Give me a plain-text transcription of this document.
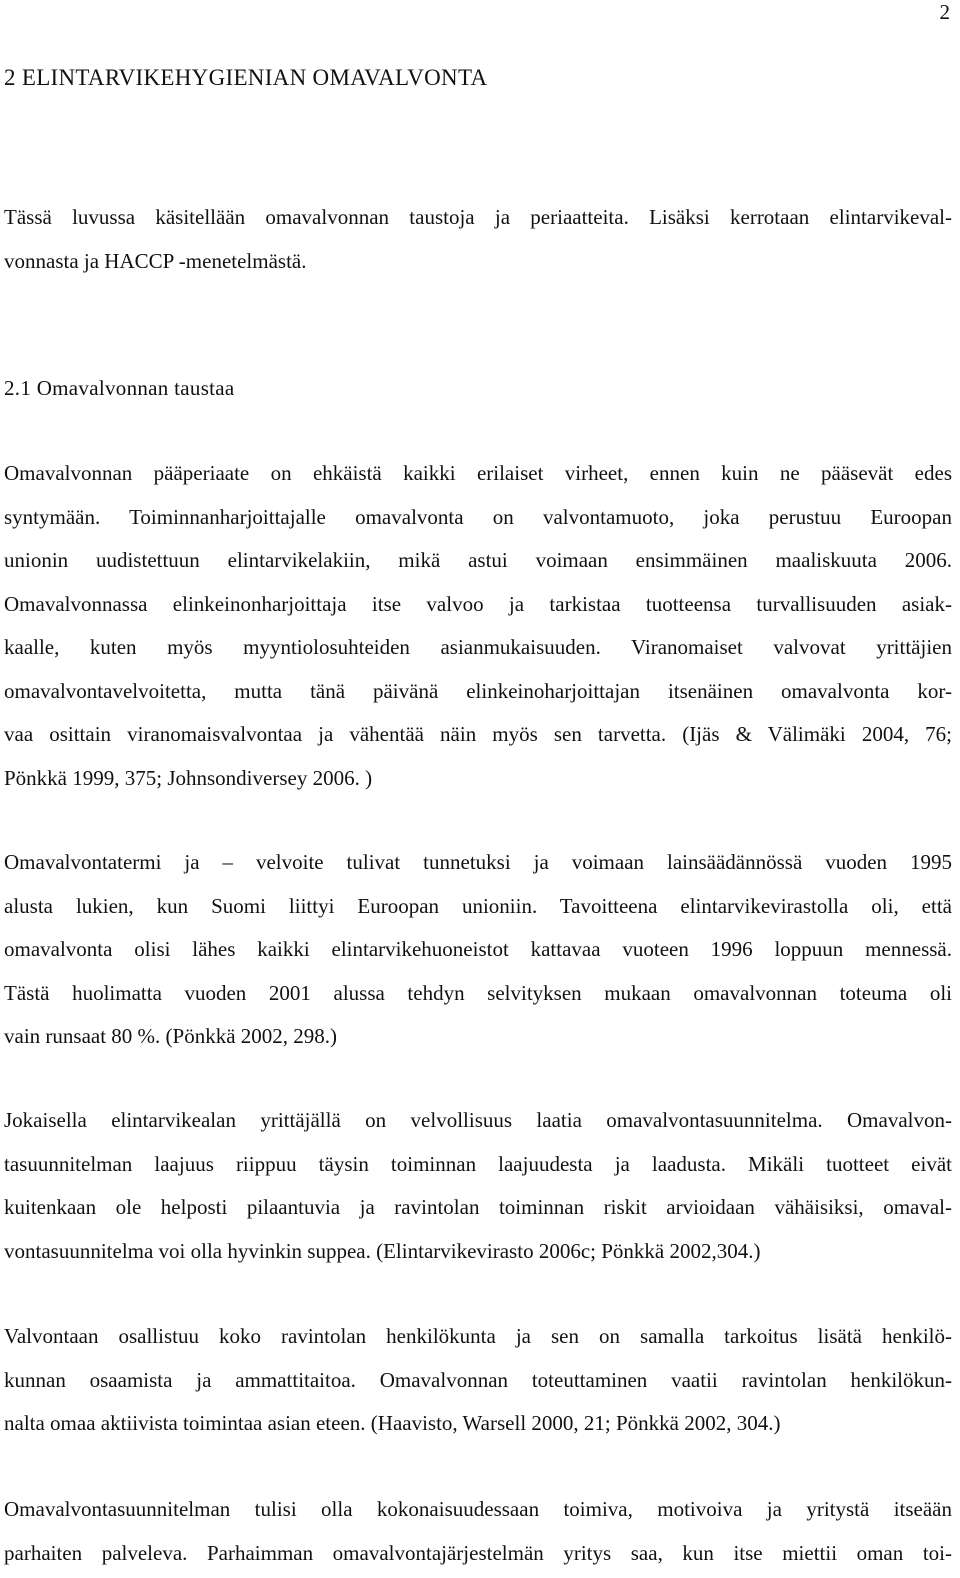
2
2 ELINTARVIKEHYGIENIAN OMAVALVONTA

Tässä luvussa käsitellään omavalvonnan taustoja ja periaatteita. Lisäksi kerrotaan elintarvikeval-
vonnasta ja HACCP -menetelmästä.

2.1 Omavalvonnan taustaa

Omavalvonnan pääperiaate on ehkäistä kaikki erilaiset virheet, ennen kuin ne pääsevät edes
syntymään. Toiminnanharjoittajalle omavalvonta on valvontamuoto, joka perustuu Euroopan
unionin uudistettuun elintarvikelakiin, mikä astui voimaan ensimmäinen maaliskuuta 2006.
Omavalvonnassa elinkeinonharjoittaja itse valvoo ja tarkistaa tuotteensa turvallisuuden asiak-
kaalle, kuten myös myyntiolosuhteiden asianmukaisuuden. Viranomaiset valvovat yrittäjien
omavalvontavelvoitetta, mutta tänä päivänä elinkeinoharjoittajan itsenäinen omavalvonta kor-
vaa osittain viranomaisvalvontaa ja vähentää näin myös sen tarvetta. (Ijäs & Välimäki 2004, 76;
Pönkkä 1999, 375; Johnsondiversey 2006. )

Omavalvontatermi ja – velvoite tulivat tunnetuksi ja voimaan lainsäädännössä vuoden 1995
alusta lukien, kun Suomi liittyi Euroopan unioniin. Tavoitteena elintarvikevirastolla oli, että
omavalvonta olisi lähes kaikki elintarvikehuoneistot kattavaa vuoteen 1996 loppuun mennessä.
Tästä huolimatta vuoden 2001 alussa tehdyn selvityksen mukaan omavalvonnan toteuma oli
vain runsaat 80 %. (Pönkkä 2002, 298.)

Jokaisella elintarvikealan yrittäjällä on velvollisuus laatia omavalvontasuunnitelma. Omavalvon-
tasuunnitelman laajuus riippuu täysin toiminnan laajuudesta ja laadusta. Mikäli tuotteet eivät
kuitenkaan ole helposti pilaantuvia ja ravintolan toiminnan riskit arvioidaan vähäisiksi, omaval-
vontasuunnitelma voi olla hyvinkin suppea. (Elintarvikevirasto 2006c; Pönkkä 2002,304.)

Valvontaan osallistuu koko ravintolan henkilökunta ja sen on samalla tarkoitus lisätä henkilö-
kunnan osaamista ja ammattitaitoa. Omavalvonnan toteuttaminen vaatii ravintolan henkilökun-
nalta omaa aktiivista toimintaa asian eteen. (Haavisto, Warsell 2000, 21; Pönkkä 2002, 304.)

Omavalvontasuunnitelman tulisi olla kokonaisuudessaan toimiva, motivoiva ja yritystä itseään
parhaiten palveleva. Parhaimman omavalvontajärjestelmän yritys saa, kun itse miettii oman toi-
